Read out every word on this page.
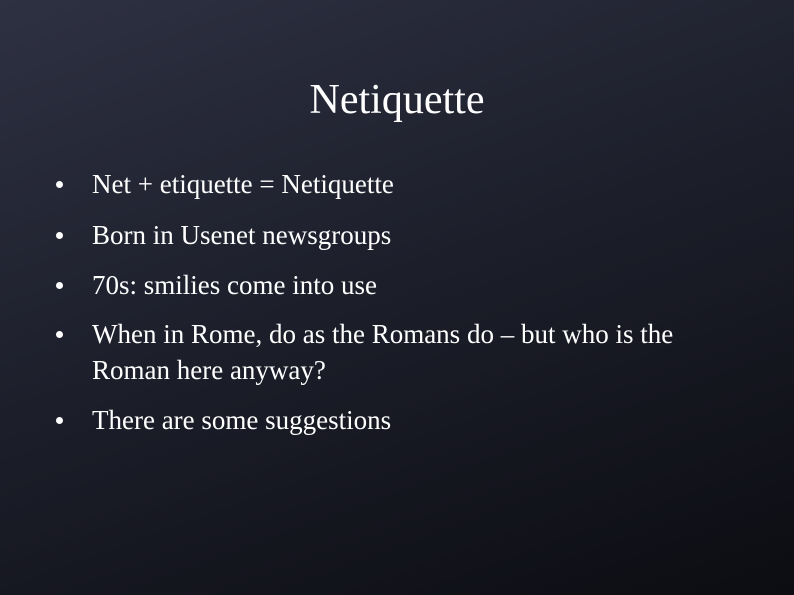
Netiquette
Net + etiquette = Netiquette
Born in Usenet newsgroups
70s: smilies come into use
When in Rome, do as the Romans do – but who is the Roman here anyway?
There are some suggestions
